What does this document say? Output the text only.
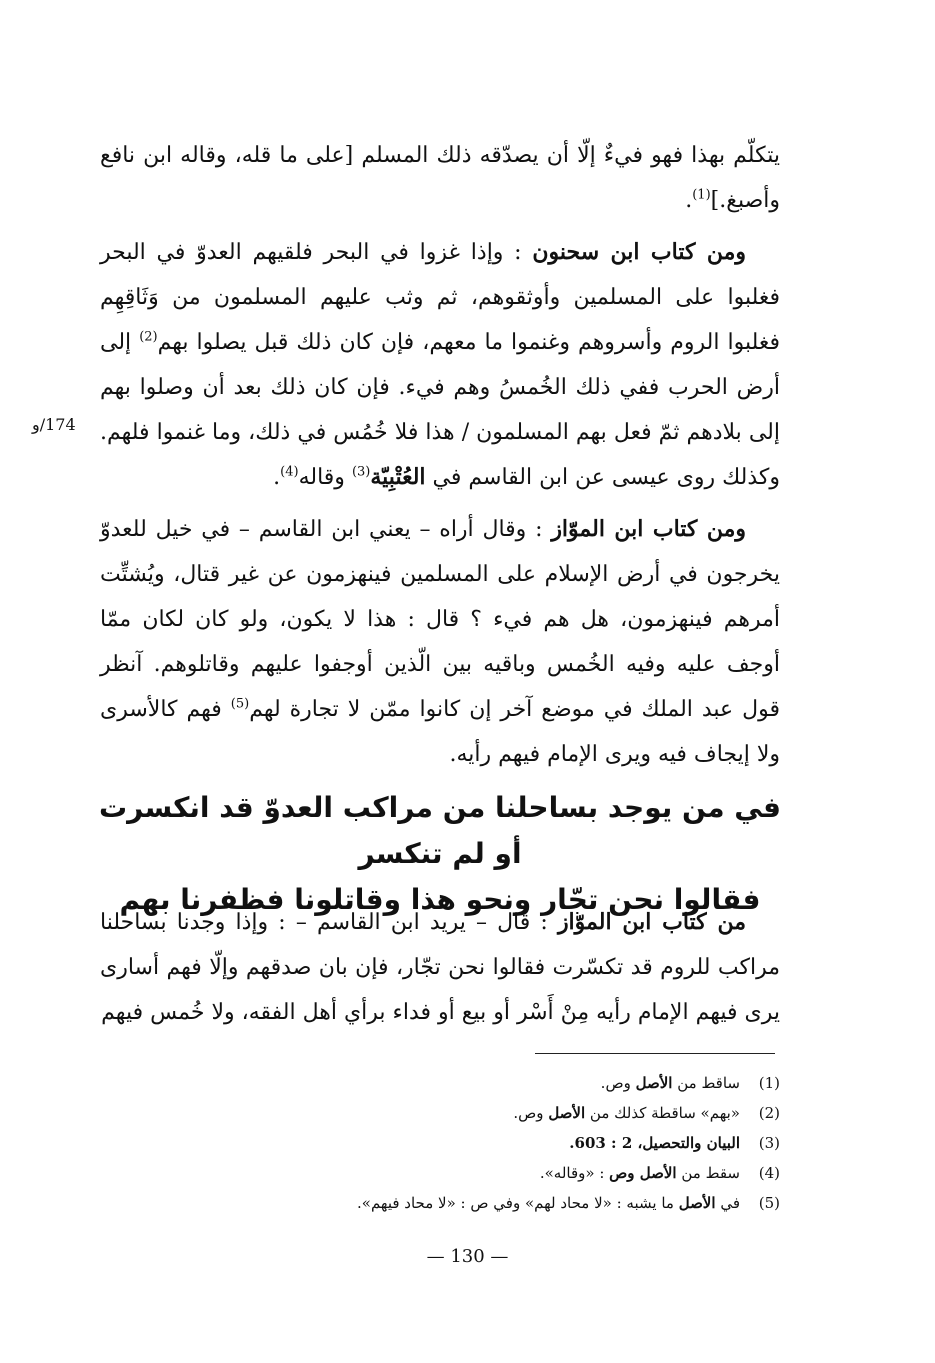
174/و

يتكلّم بهذا فهو فيءٌ إلّا أن يصدّقه ذلك المسلم [على ما قله، وقاله ابن نافع وأصبغ.]$^{(1)}$.

ومن كتاب ابن سحنون : وإذا غزوا في البحر فلقيهم العدوّ في البحر فغلبوا على المسلمين وأوثقوهم، ثم وثب عليهم المسلمون من وَثَاقِهِم فغلبوا الروم وأسروهم وغنموا ما معهم، فإن كان ذلك قبل يصلوا بهم$^{(2)}$ إلى أرض الحرب ففي ذلك الخُمسُ وهم فيء. فإن كان ذلك بعد أن وصلوا بهم إلى بلادهم ثمّ فعل بهم المسلمون / هذا فلا خُمُس في ذلك، وما غنموا فلهم. وكذلك روى عيسى عن ابن القاسم في العُتْبِيّة$^{(3)}$ وقاله$^{(4)}$.

ومن كتاب ابن الموّاز : وقال أراه – يعني ابن القاسم – في خيل للعدوّ يخرجون في أرض الإسلام على المسلمين فينهزمون عن غير قتال، ويُشتِّت أمرهم فينهزمون، هل هم فيء ؟ قال : هذا لا يكون، ولو كان لكان ممّا أوجف عليه وفيه الخُمس وباقيه بين الّذين أوجفوا عليهم وقاتلوهم. آنظر قول عبد الملك في موضع آخر إن كانوا ممّن لا تجارة لهم$^{(5)}$ فهم كالأسرى ولا إيجاف فيه ويرى الإمام فيهم رأيه.

في من يوجد بساحلنا من مراكب العدوّ قد انكسرت أو لم تنكسر
فقالوا نحن تجّار ونحو هذا وقاتلونا فظفرنا بهم

من كتاب ابن الموّاز : قال – يريد ابن القاسم – : وإذا وجدنا بساحلنا مراكب للروم قد تكسّرت فقالوا نحن تجّار، فإن بان صدقهم وإلّا فهم أسارى يرى فيهم الإمام رأيه مِنْ أَسْر أو بيع أو فداء برأي أهل الفقه، ولا خُمس فيهم

(1)
ساقط من الأصل وص.
(2)
«بهم» ساقطة كذلك من الأصل وص.
(3)
البيان والتحصيل، 2 : 603.
(4)
سقط من الأصل وص : «وقاله».
(5)
في الأصل ما يشبه : «لا محاد لهم» وفي ص : «لا محاد فيهم».
— 130 —
